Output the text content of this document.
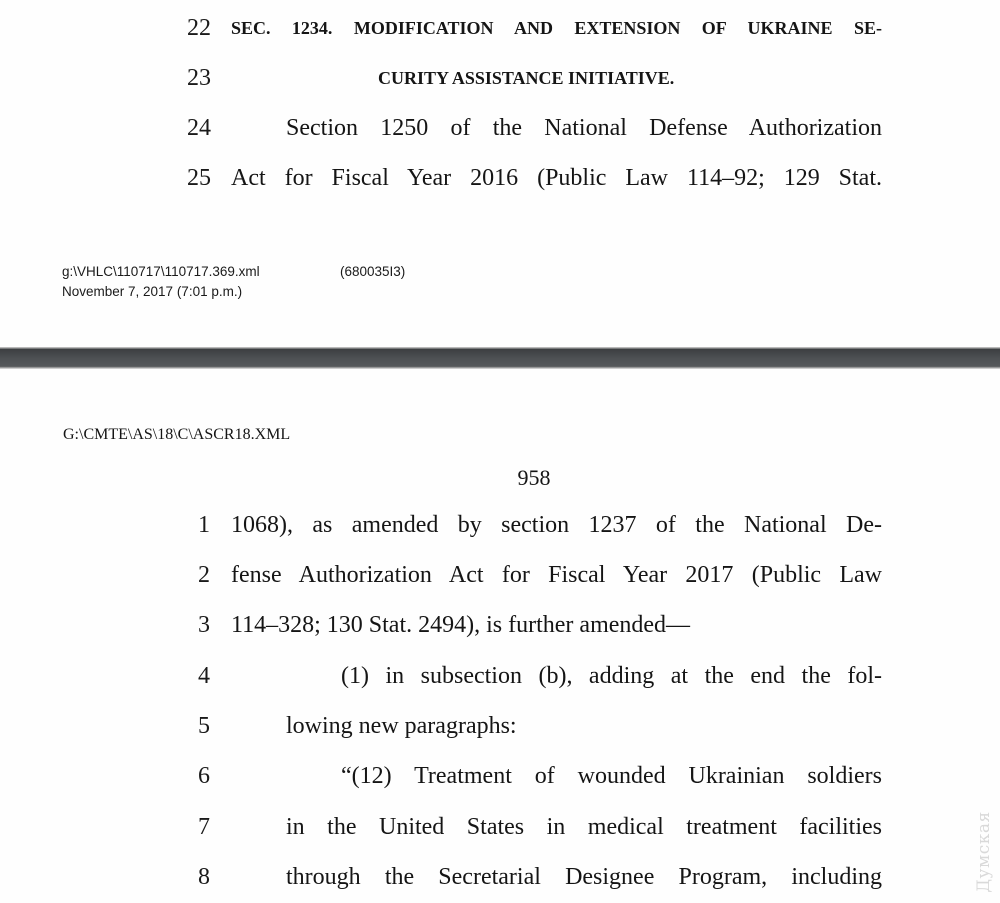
22 SEC. 1234. MODIFICATION AND EXTENSION OF UKRAINE SE-
23	CURITY ASSISTANCE INITIATIVE.
24	Section 1250 of the National Defense Authorization
25 Act for Fiscal Year 2016 (Public Law 114–92; 129 Stat.
g:\VHLC\110717\110717.369.xml	(680035I3)
November 7, 2017 (7:01 p.m.)
G:\CMTE\AS\18\C\ASCR18.XML
958
1 1068), as amended by section 1237 of the National De-
2 fense Authorization Act for Fiscal Year 2017 (Public Law
3 114–328; 130 Stat. 2494), is further amended—
4	(1) in subsection (b), adding at the end the fol-
5	lowing new paragraphs:
6	“(12) Treatment of wounded Ukrainian soldiers
7	in the United States in medical treatment facilities
8	through the Secretarial Designee Program, including	Думская
